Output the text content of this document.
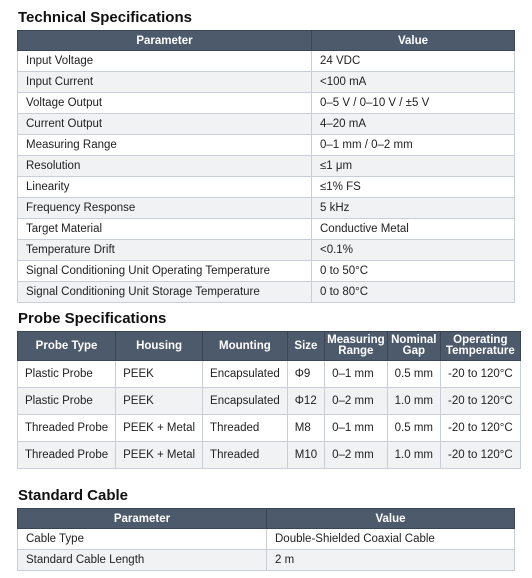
Technical Specifications
Parameter	Value
Input Voltage	24 VDC
Input Current	<100 mA
Voltage Output	0–5 V / 0–10 V / ±5 V
Current Output	4–20 mA
Measuring Range	0–1 mm / 0–2 mm
Resolution	≤1 μm
Linearity	≤1% FS
Frequency Response	5 kHz
Target Material	Conductive Metal
Temperature Drift	<0.1%
Signal Conditioning Unit Operating Temperature	0 to 50°C
Signal Conditioning Unit Storage Temperature	0 to 80°C
Probe Specifications
Probe Type	Housing	Mounting	Size	Measuring Range	Nominal Gap	Operating Temperature
Plastic Probe	PEEK	Encapsulated	Φ9	0–1 mm	0.5 mm	-20 to 120°C
Plastic Probe	PEEK	Encapsulated	Φ12	0–2 mm	1.0 mm	-20 to 120°C
Threaded Probe	PEEK + Metal	Threaded	M8	0–1 mm	0.5 mm	-20 to 120°C
Threaded Probe	PEEK + Metal	Threaded	M10	0–2 mm	1.0 mm	-20 to 120°C
Standard Cable
Parameter	Value
Cable Type	Double-Shielded Coaxial Cable
Standard Cable Length	2 m
